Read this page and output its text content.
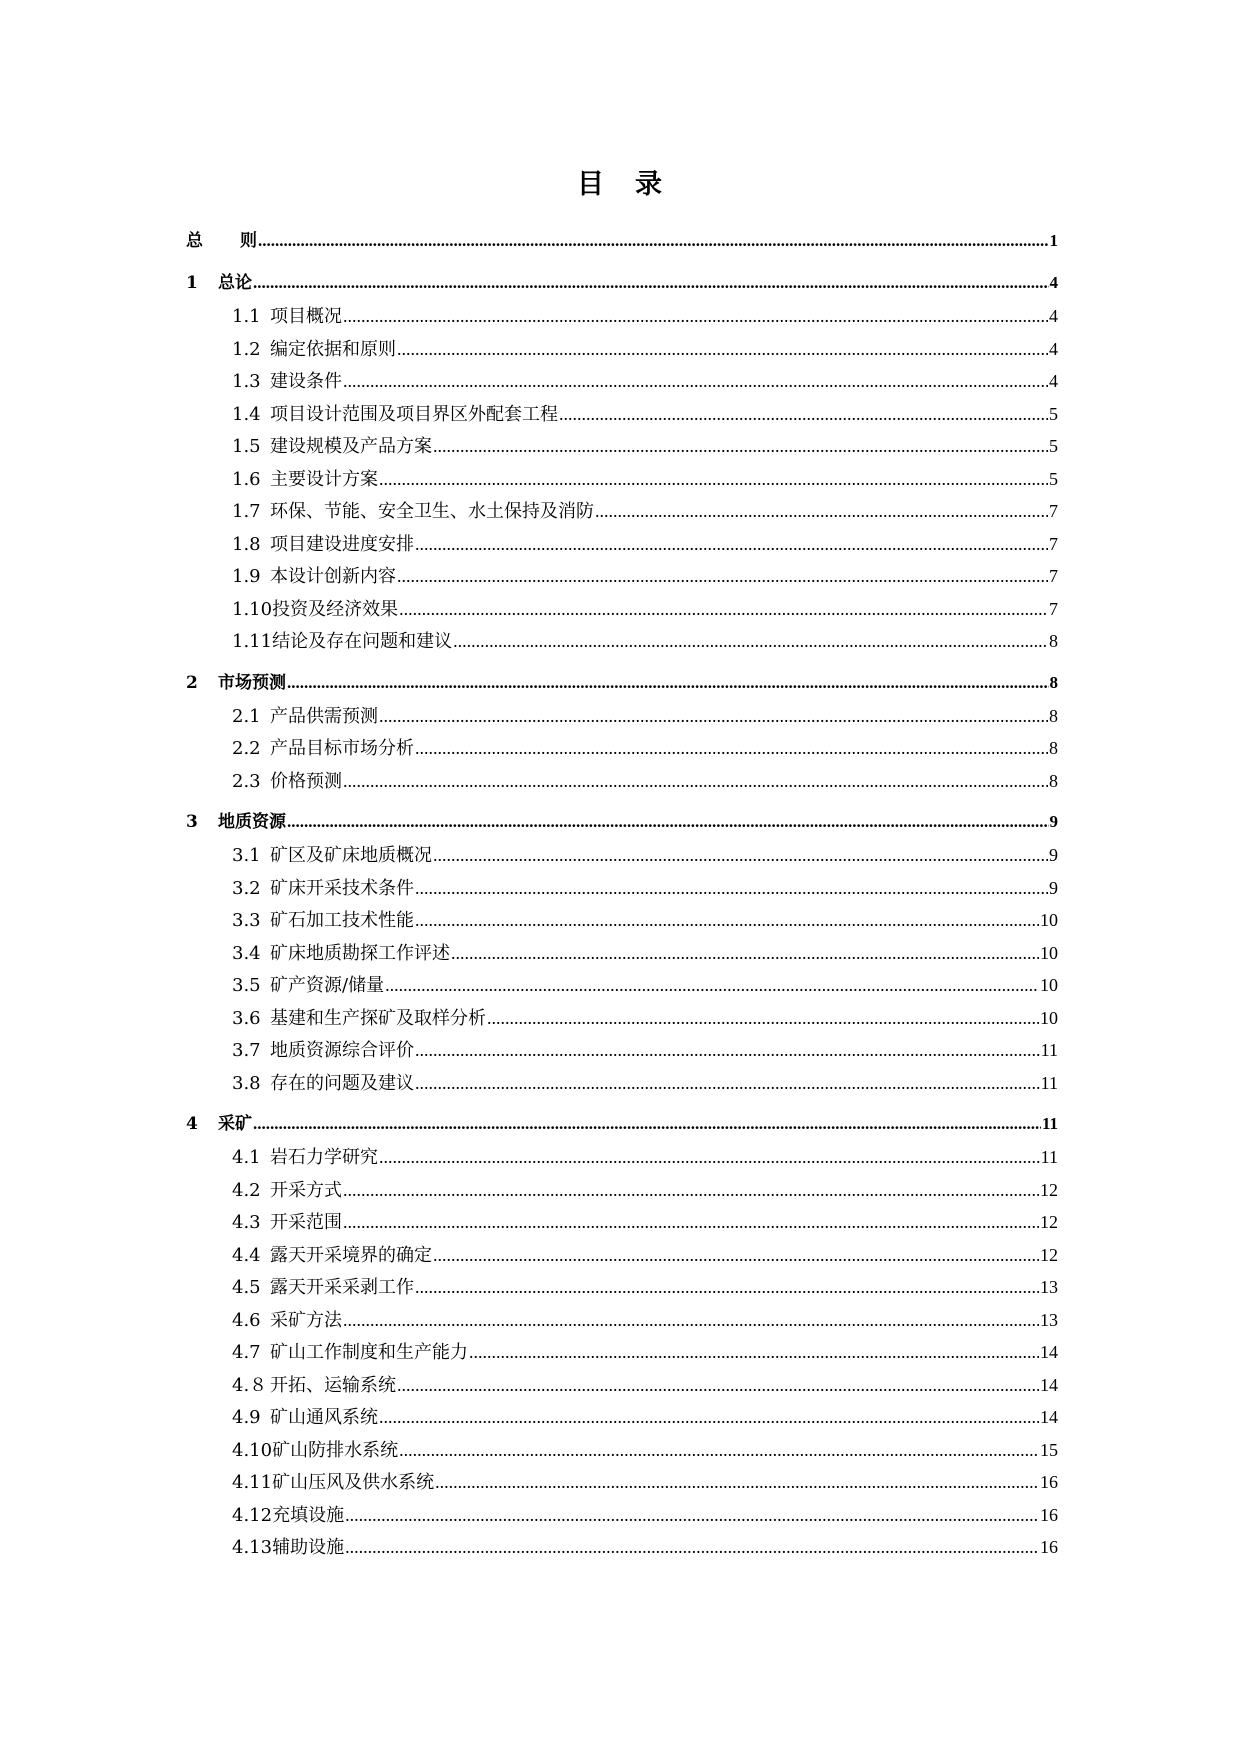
目　录
总 则 .....	1
1 总论 .....	4
1.1 项目概况 .....	4
1.2 编定依据和原则 .....	4
1.3 建设条件 .....	4
1.4 项目设计范围及项目界区外配套工程 .....	5
1.5 建设规模及产品方案 .....	5
1.6 主要设计方案 .....	5
1.7 环保、节能、安全卫生、水土保持及消防 .....	7
1.8 项目建设进度安排 .....	7
1.9 本设计创新内容 .....	7
1.10投资及经济效果 .....	7
1.11结论及存在问题和建议 .....	8
2 市场预测 .....	8
2.1 产品供需预测 .....	8
2.2 产品目标市场分析 .....	8
2.3 价格预测 .....	8
3 地质资源 .....	9
3.1 矿区及矿床地质概况 .....	9
3.2 矿床开采技术条件 .....	9
3.3 矿石加工技术性能 .....	10
3.4 矿床地质勘探工作评述 .....	10
3.5 矿产资源/储量 .....	10
3.6 基建和生产探矿及取样分析 .....	10
3.7 地质资源综合评价 .....	11
3.8 存在的问题及建议 .....	11
4 采矿 .....	11
4.1 岩石力学研究 .....	11
4.2 开采方式 .....	12
4.3 开采范围 .....	12
4.4 露天开采境界的确定 .....	12
4.5 露天开采采剥工作 .....	13
4.6 采矿方法 .....	13
4.7 矿山工作制度和生产能力 .....	14
4.８ 开拓、运输系统 .....	14
4.9 矿山通风系统 .....	14
4.10矿山防排水系统 .....	15
4.11矿山压风及供水系统 .....	16
4.12充填设施 .....	16
4.13辅助设施 .....	16
